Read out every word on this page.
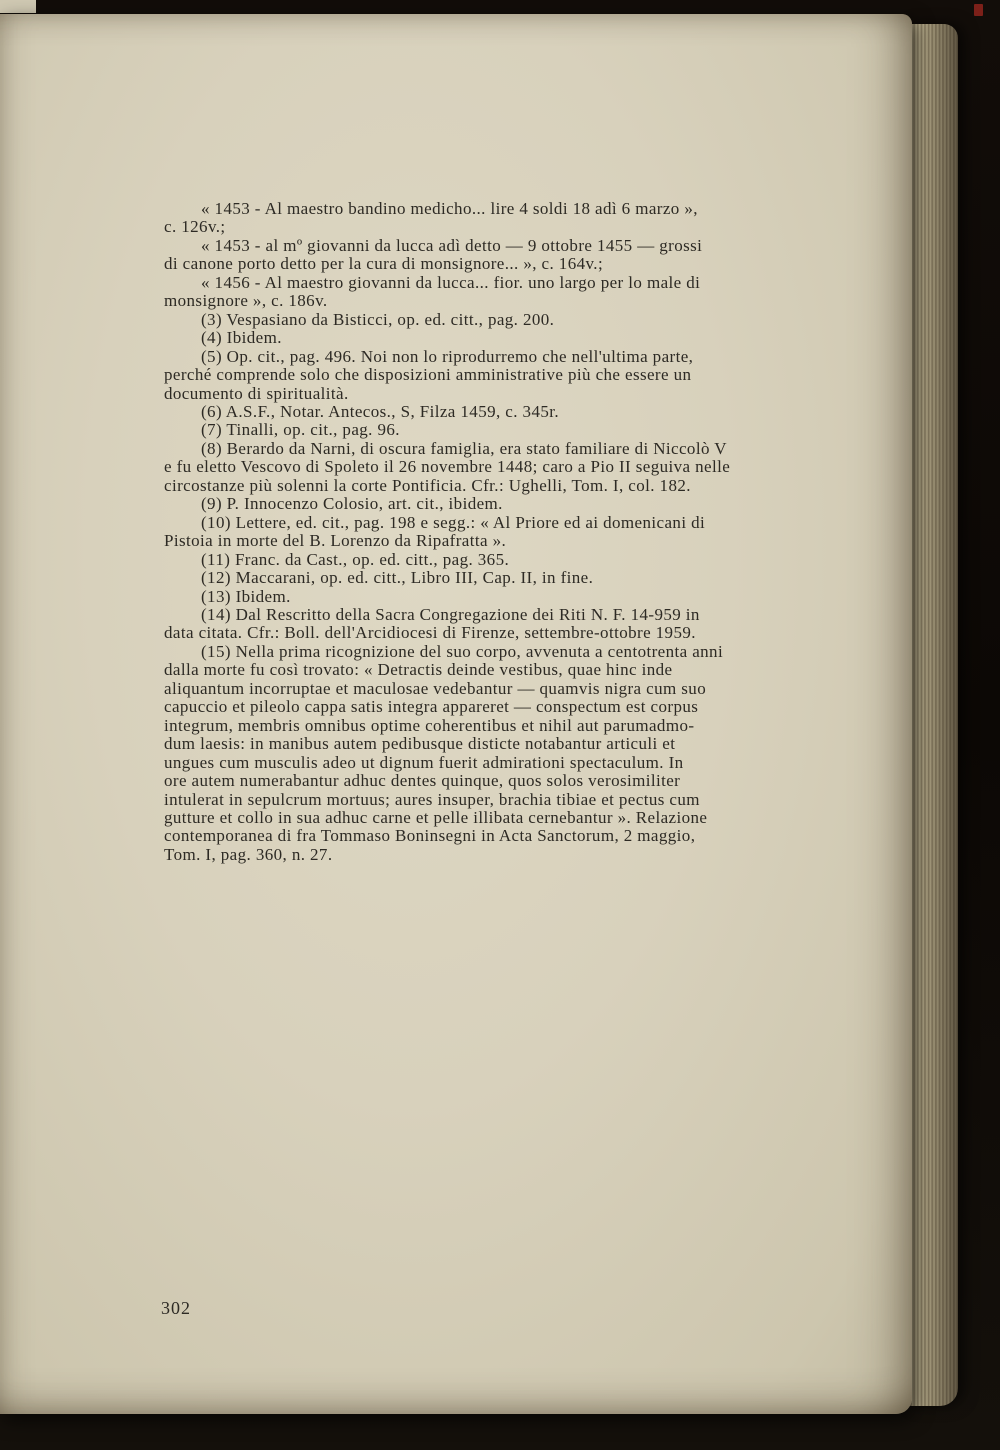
« 1453 - Al maestro bandino medicho... lire 4 soldi 18 adì 6 marzo »,
c. 126v.;
« 1453 - al mº giovanni da lucca adì detto — 9 ottobre 1455 — grossi
di canone porto detto per la cura di monsignore... », c. 164v.;
« 1456 - Al maestro giovanni da lucca... fior. uno largo per lo male di
monsignore », c. 186v.
(3) Vespasiano da Bisticci, op. ed. citt., pag. 200.
(4) Ibidem.
(5) Op. cit., pag. 496. Noi non lo riprodurremo che nell'ultima parte,
perché comprende solo che disposizioni amministrative più che essere un
documento di spiritualità.
(6) A.S.F., Notar. Antecos., S, Filza 1459, c. 345r.
(7) Tinalli, op. cit., pag. 96.
(8) Berardo da Narni, di oscura famiglia, era stato familiare di Niccolò V
e fu eletto Vescovo di Spoleto il 26 novembre 1448; caro a Pio II seguiva nelle
circostanze più solenni la corte Pontificia. Cfr.: Ughelli, Tom. I, col. 182.
(9) P. Innocenzo Colosio, art. cit., ibidem.
(10) Lettere, ed. cit., pag. 198 e segg.: « Al Priore ed ai domenicani di
Pistoia in morte del B. Lorenzo da Ripafratta ».
(11) Franc. da Cast., op. ed. citt., pag. 365.
(12) Maccarani, op. ed. citt., Libro III, Cap. II, in fine.
(13) Ibidem.
(14) Dal Rescritto della Sacra Congregazione dei Riti N. F. 14-959 in
data citata. Cfr.: Boll. dell'Arcidiocesi di Firenze, settembre-ottobre 1959.
(15) Nella prima ricognizione del suo corpo, avvenuta a centotrenta anni
dalla morte fu così trovato: « Detractis deinde vestibus, quae hinc inde
aliquantum incorruptae et maculosae vedebantur — quamvis nigra cum suo
capuccio et pileolo cappa satis integra appareret — conspectum est corpus
integrum, membris omnibus optime coherentibus et nihil aut parumadmo-
dum laesis: in manibus autem pedibusque disticte notabantur articuli et
ungues cum musculis adeo ut dignum fuerit admirationi spectaculum. In
ore autem numerabantur adhuc dentes quinque, quos solos verosimiliter
intulerat in sepulcrum mortuus; aures insuper, brachia tibiae et pectus cum
gutture et collo in sua adhuc carne et pelle illibata cernebantur ». Relazione
contemporanea di fra Tommaso Boninsegni in Acta Sanctorum, 2 maggio,
Tom. I, pag. 360, n. 27.
302
